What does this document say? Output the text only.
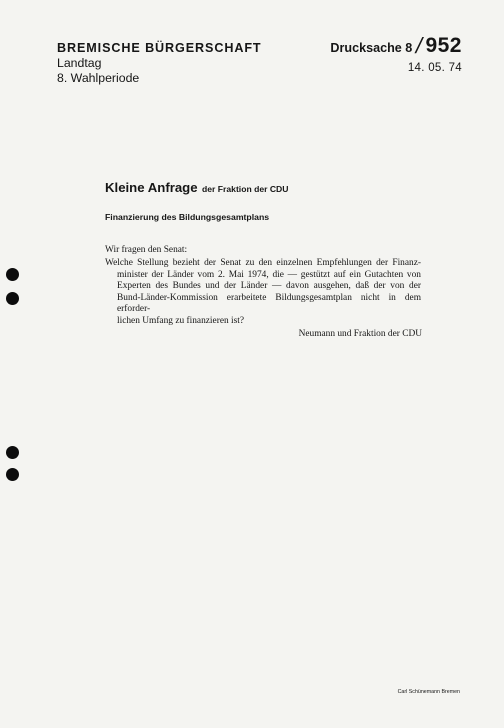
BREMISCHE BÜRGERSCHAFT
Landtag
8. Wahlperiode
Drucksache 8 / 952
14. 05. 74
Kleine Anfrage der Fraktion der CDU
Finanzierung des Bildungsgesamtplans
Wir fragen den Senat:
Welche Stellung bezieht der Senat zu den einzelnen Empfehlungen der Finanz-
minister der Länder vom 2. Mai 1974, die — gestützt auf ein Gutachten von
Experten des Bundes und der Länder — davon ausgehen, daß der von der
Bund-Länder-Kommission erarbeitete Bildungsgesamtplan nicht in dem erforder-
lichen Umfang zu finanzieren ist?
Neumann und Fraktion der CDU
Carl Schünemann Bremen
